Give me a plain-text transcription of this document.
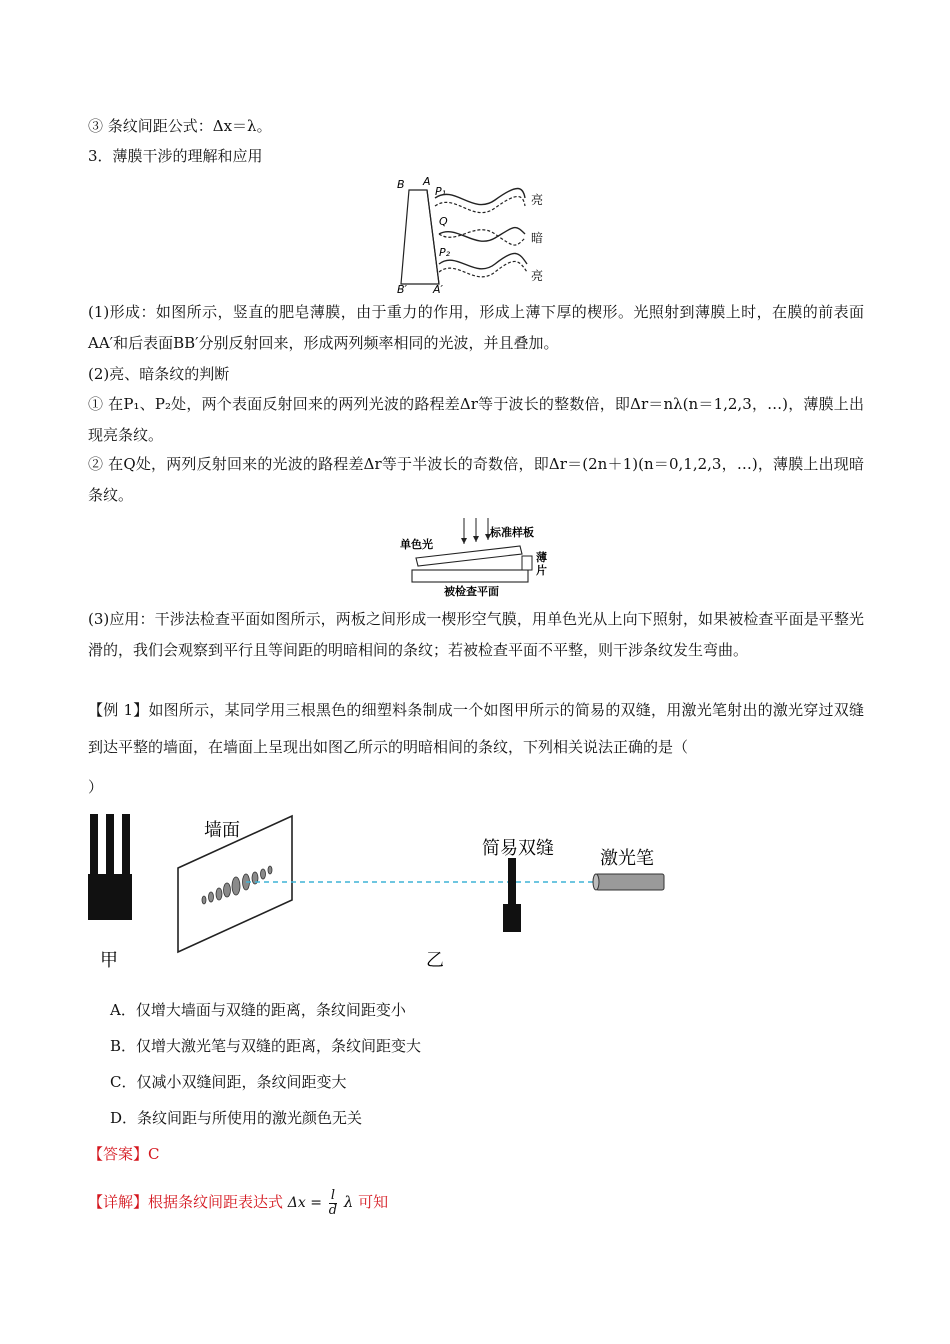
③ 条纹间距公式：Δx＝λ。
3．薄膜干涉的理解和应用
B A
P₁
Q
P₂
B′ A′
亮
暗
亮
(1)形成：如图所示，竖直的肥皂薄膜，由于重力的作用，形成上薄下厚的楔形。光照射到薄膜上时，在膜的前表面AA′和后表面BB′分别反射回来，形成两列频率相同的光波，并且叠加。
(2)亮、暗条纹的判断
① 在P₁、P₂处，两个表面反射回来的两列光波的路程差Δr等于波长的整数倍，即Δr＝nλ(n＝1,2,3，…)，薄膜上出现亮条纹。
② 在Q处，两列反射回来的光波的路程差Δr等于半波长的奇数倍，即Δr＝(2n＋1)(n＝0,1,2,3，…)，薄膜上出现暗条纹。
单色光
标准样板
薄
片
被检查平面
(3)应用：干涉法检查平面如图所示，两板之间形成一楔形空气膜，用单色光从上向下照射，如果被检查平面是平整光滑的，我们会观察到平行且等间距的明暗相间的条纹；若被检查平面不平整，则干涉条纹发生弯曲。
【例 1】如图所示，某同学用三根黑色的细塑料条制成一个如图甲所示的简易的双缝，用激光笔射出的激光穿过双缝到达平整的墙面，在墙面上呈现出如图乙所示的明暗相间的条纹，下列相关说法正确的是（
）
甲
墙面
简易双缝
乙
激光笔
A．仅增大墙面与双缝的距离，条纹间距变小
B．仅增大激光笔与双缝的距离，条纹间距变大
C．仅减小双缝间距，条纹间距变大
D．条纹间距与所使用的激光颜色无关
【答案】C
【详解】根据条纹间距表达式 $\Delta x = \frac{l}{d}$ λ 可知
